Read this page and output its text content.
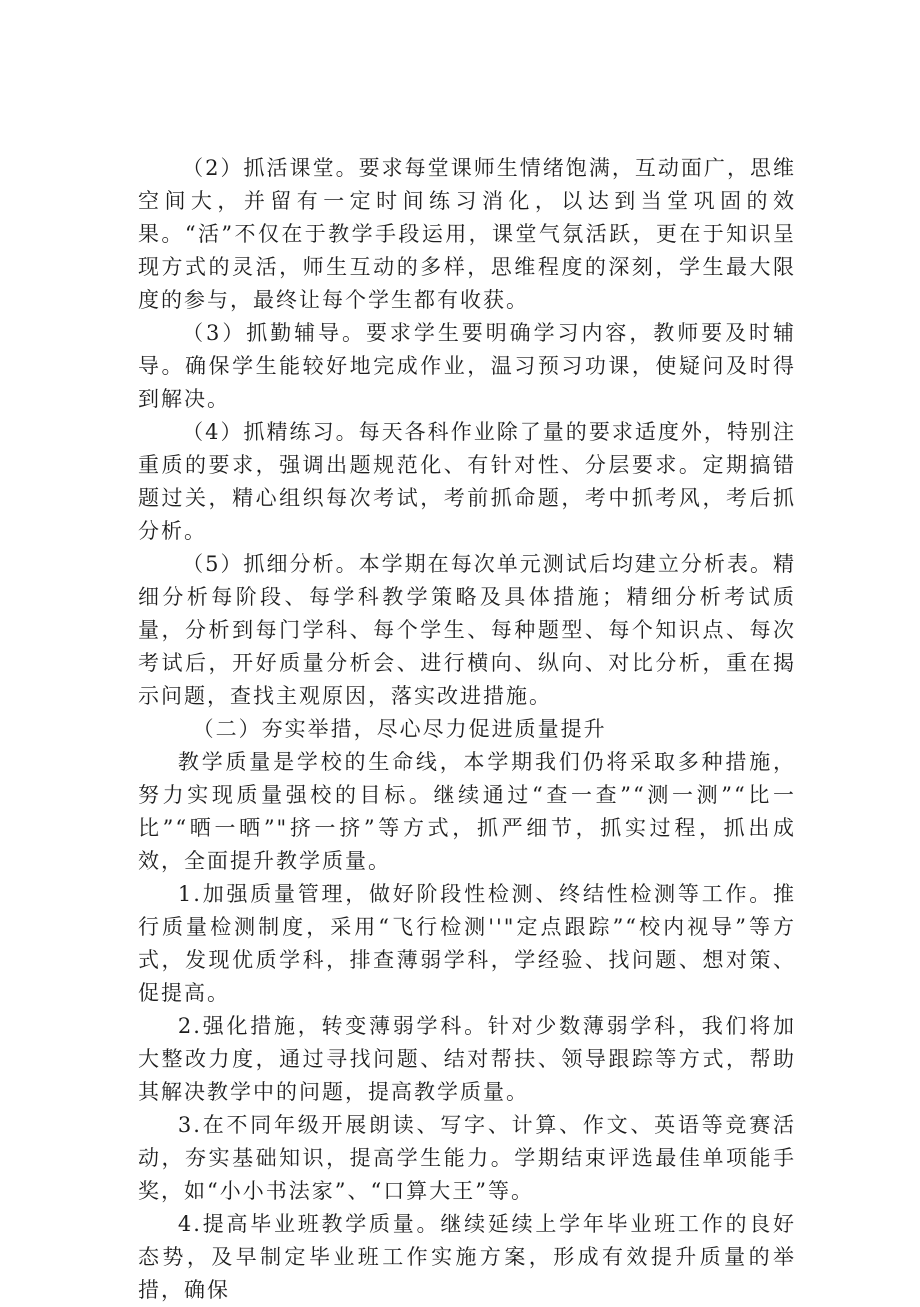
（2）抓活课堂。要求每堂课师生情绪饱满，互动面广，思维空间大，并留有一定时间练习消化，以达到当堂巩固的效果。“活”不仅在于教学手段运用，课堂气氛活跃，更在于知识呈现方式的灵活，师生互动的多样，思维程度的深刻，学生最大限度的参与，最终让每个学生都有收获。

（3）抓勤辅导。要求学生要明确学习内容，教师要及时辅导。确保学生能较好地完成作业，温习预习功课，使疑问及时得到解决。

（4）抓精练习。每天各科作业除了量的要求适度外，特别注重质的要求，强调出题规范化、有针对性、分层要求。定期搞错题过关，精心组织每次考试，考前抓命题，考中抓考风，考后抓分析。

（5）抓细分析。本学期在每次单元测试后均建立分析表。精细分析每阶段、每学科教学策略及具体措施；精细分析考试质量，分析到每门学科、每个学生、每种题型、每个知识点、每次考试后，开好质量分析会、进行横向、纵向、对比分析，重在揭示问题，查找主观原因，落实改进措施。

（二）夯实举措，尽心尽力促进质量提升

教学质量是学校的生命线，本学期我们仍将采取多种措施，努力实现质量强校的目标。继续通过“查一查”“测一测”“比一比”“晒一晒”"挤一挤”等方式，抓严细节，抓实过程，抓出成效，全面提升教学质量。

1.加强质量管理，做好阶段性检测、终结性检测等工作。推行质量检测制度，采用“飞行检测''"定点跟踪”“校内视导”等方式，发现优质学科，排查薄弱学科，学经验、找问题、想对策、促提高。

2.强化措施，转变薄弱学科。针对少数薄弱学科，我们将加大整改力度，通过寻找问题、结对帮扶、领导跟踪等方式，帮助其解决教学中的问题，提高教学质量。

3.在不同年级开展朗读、写字、计算、作文、英语等竞赛活动，夯实基础知识，提高学生能力。学期结束评选最佳单项能手奖，如“小小书法家”、“口算大王”等。

4.提高毕业班教学质量。继续延续上学年毕业班工作的良好态势，及早制定毕业班工作实施方案，形成有效提升质量的举措，确保
